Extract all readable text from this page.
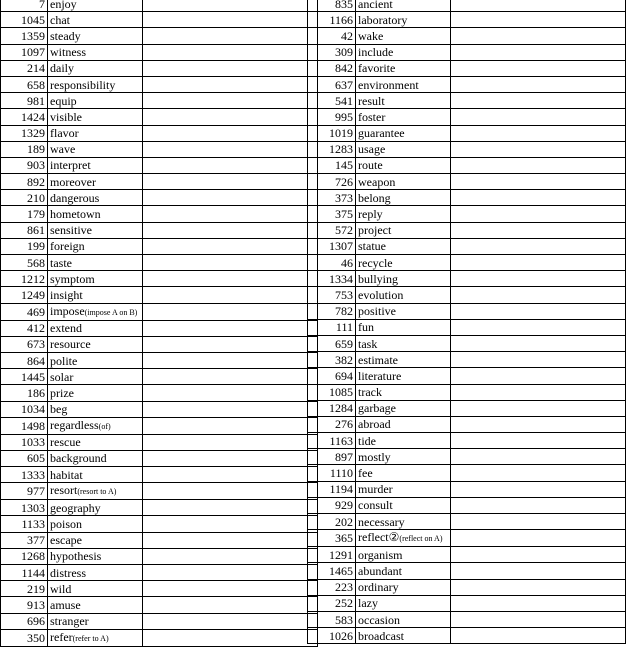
7	enjoy	
1045	chat	
1359	steady	
1097	witness	
214	daily	
658	responsibility	
981	equip	
1424	visible	
1329	flavor	
189	wave	
903	interpret	
892	moreover	
210	dangerous	
179	hometown	
861	sensitive	
199	foreign	
568	taste	
1212	symptom	
1249	insight	
469	impose(impose A on B)	
412	extend	
673	resource	
864	polite	
1445	solar	
186	prize	
1034	beg	
1498	regardless(of)	
1033	rescue	
605	background	
1333	habitat	
977	resort(resort to A)	
1303	geography	
1133	poison	
377	escape	
1268	hypothesis	
1144	distress	
219	wild	
913	amuse	
696	stranger	
350	refer(refer to A)	
835	ancient	
1166	laboratory	
42	wake	
309	include	
842	favorite	
637	environment	
541	result	
995	foster	
1019	guarantee	
1283	usage	
145	route	
726	weapon	
373	belong	
375	reply	
572	project	
1307	statue	
46	recycle	
1334	bullying	
753	evolution	
782	positive	
111	fun	
659	task	
382	estimate	
694	literature	
1085	track	
1284	garbage	
276	abroad	
1163	tide	
897	mostly	
1110	fee	
1194	murder	
929	consult	
202	necessary	
365	reflect②(reflect on A)	
1291	organism	
1465	abundant	
223	ordinary	
252	lazy	
583	occasion	
1026	broadcast	
